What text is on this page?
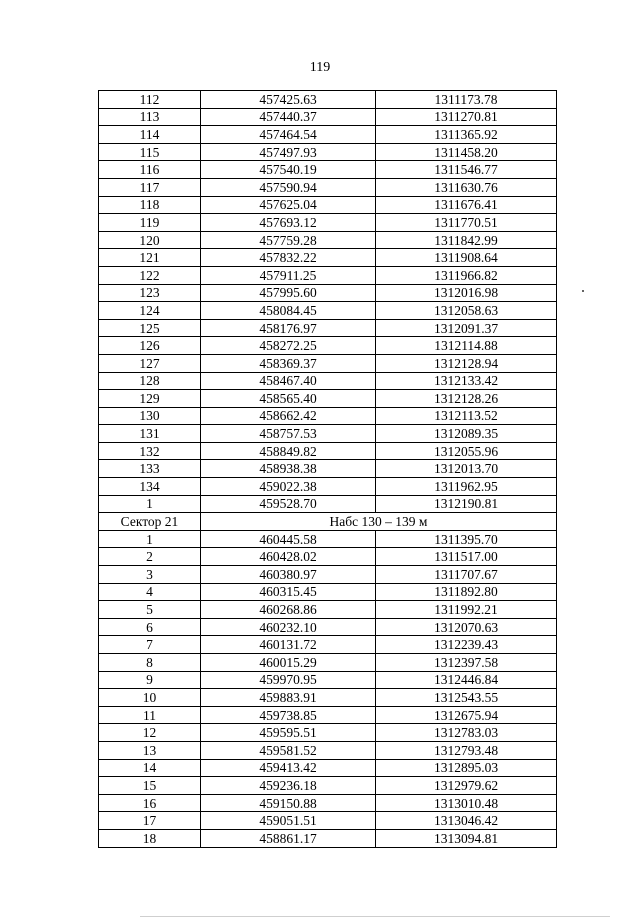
119
112	457425.63	1311173.78
113	457440.37	1311270.81
114	457464.54	1311365.92
115	457497.93	1311458.20
116	457540.19	1311546.77
117	457590.94	1311630.76
118	457625.04	1311676.41
119	457693.12	1311770.51
120	457759.28	1311842.99
121	457832.22	1311908.64
122	457911.25	1311966.82
123	457995.60	1312016.98
124	458084.45	1312058.63
125	458176.97	1312091.37
126	458272.25	1312114.88
127	458369.37	1312128.94
128	458467.40	1312133.42
129	458565.40	1312128.26
130	458662.42	1312113.52
131	458757.53	1312089.35
132	458849.82	1312055.96
133	458938.38	1312013.70
134	459022.38	1311962.95
1	459528.70	1312190.81
Сектор 21	Набс 130 – 139 м	
1	460445.58	1311395.70
2	460428.02	1311517.00
3	460380.97	1311707.67
4	460315.45	1311892.80
5	460268.86	1311992.21
6	460232.10	1312070.63
7	460131.72	1312239.43
8	460015.29	1312397.58
9	459970.95	1312446.84
10	459883.91	1312543.55
11	459738.85	1312675.94
12	459595.51	1312783.03
13	459581.52	1312793.48
14	459413.42	1312895.03
15	459236.18	1312979.62
16	459150.88	1313010.48
17	459051.51	1313046.42
18	458861.17	1313094.81
